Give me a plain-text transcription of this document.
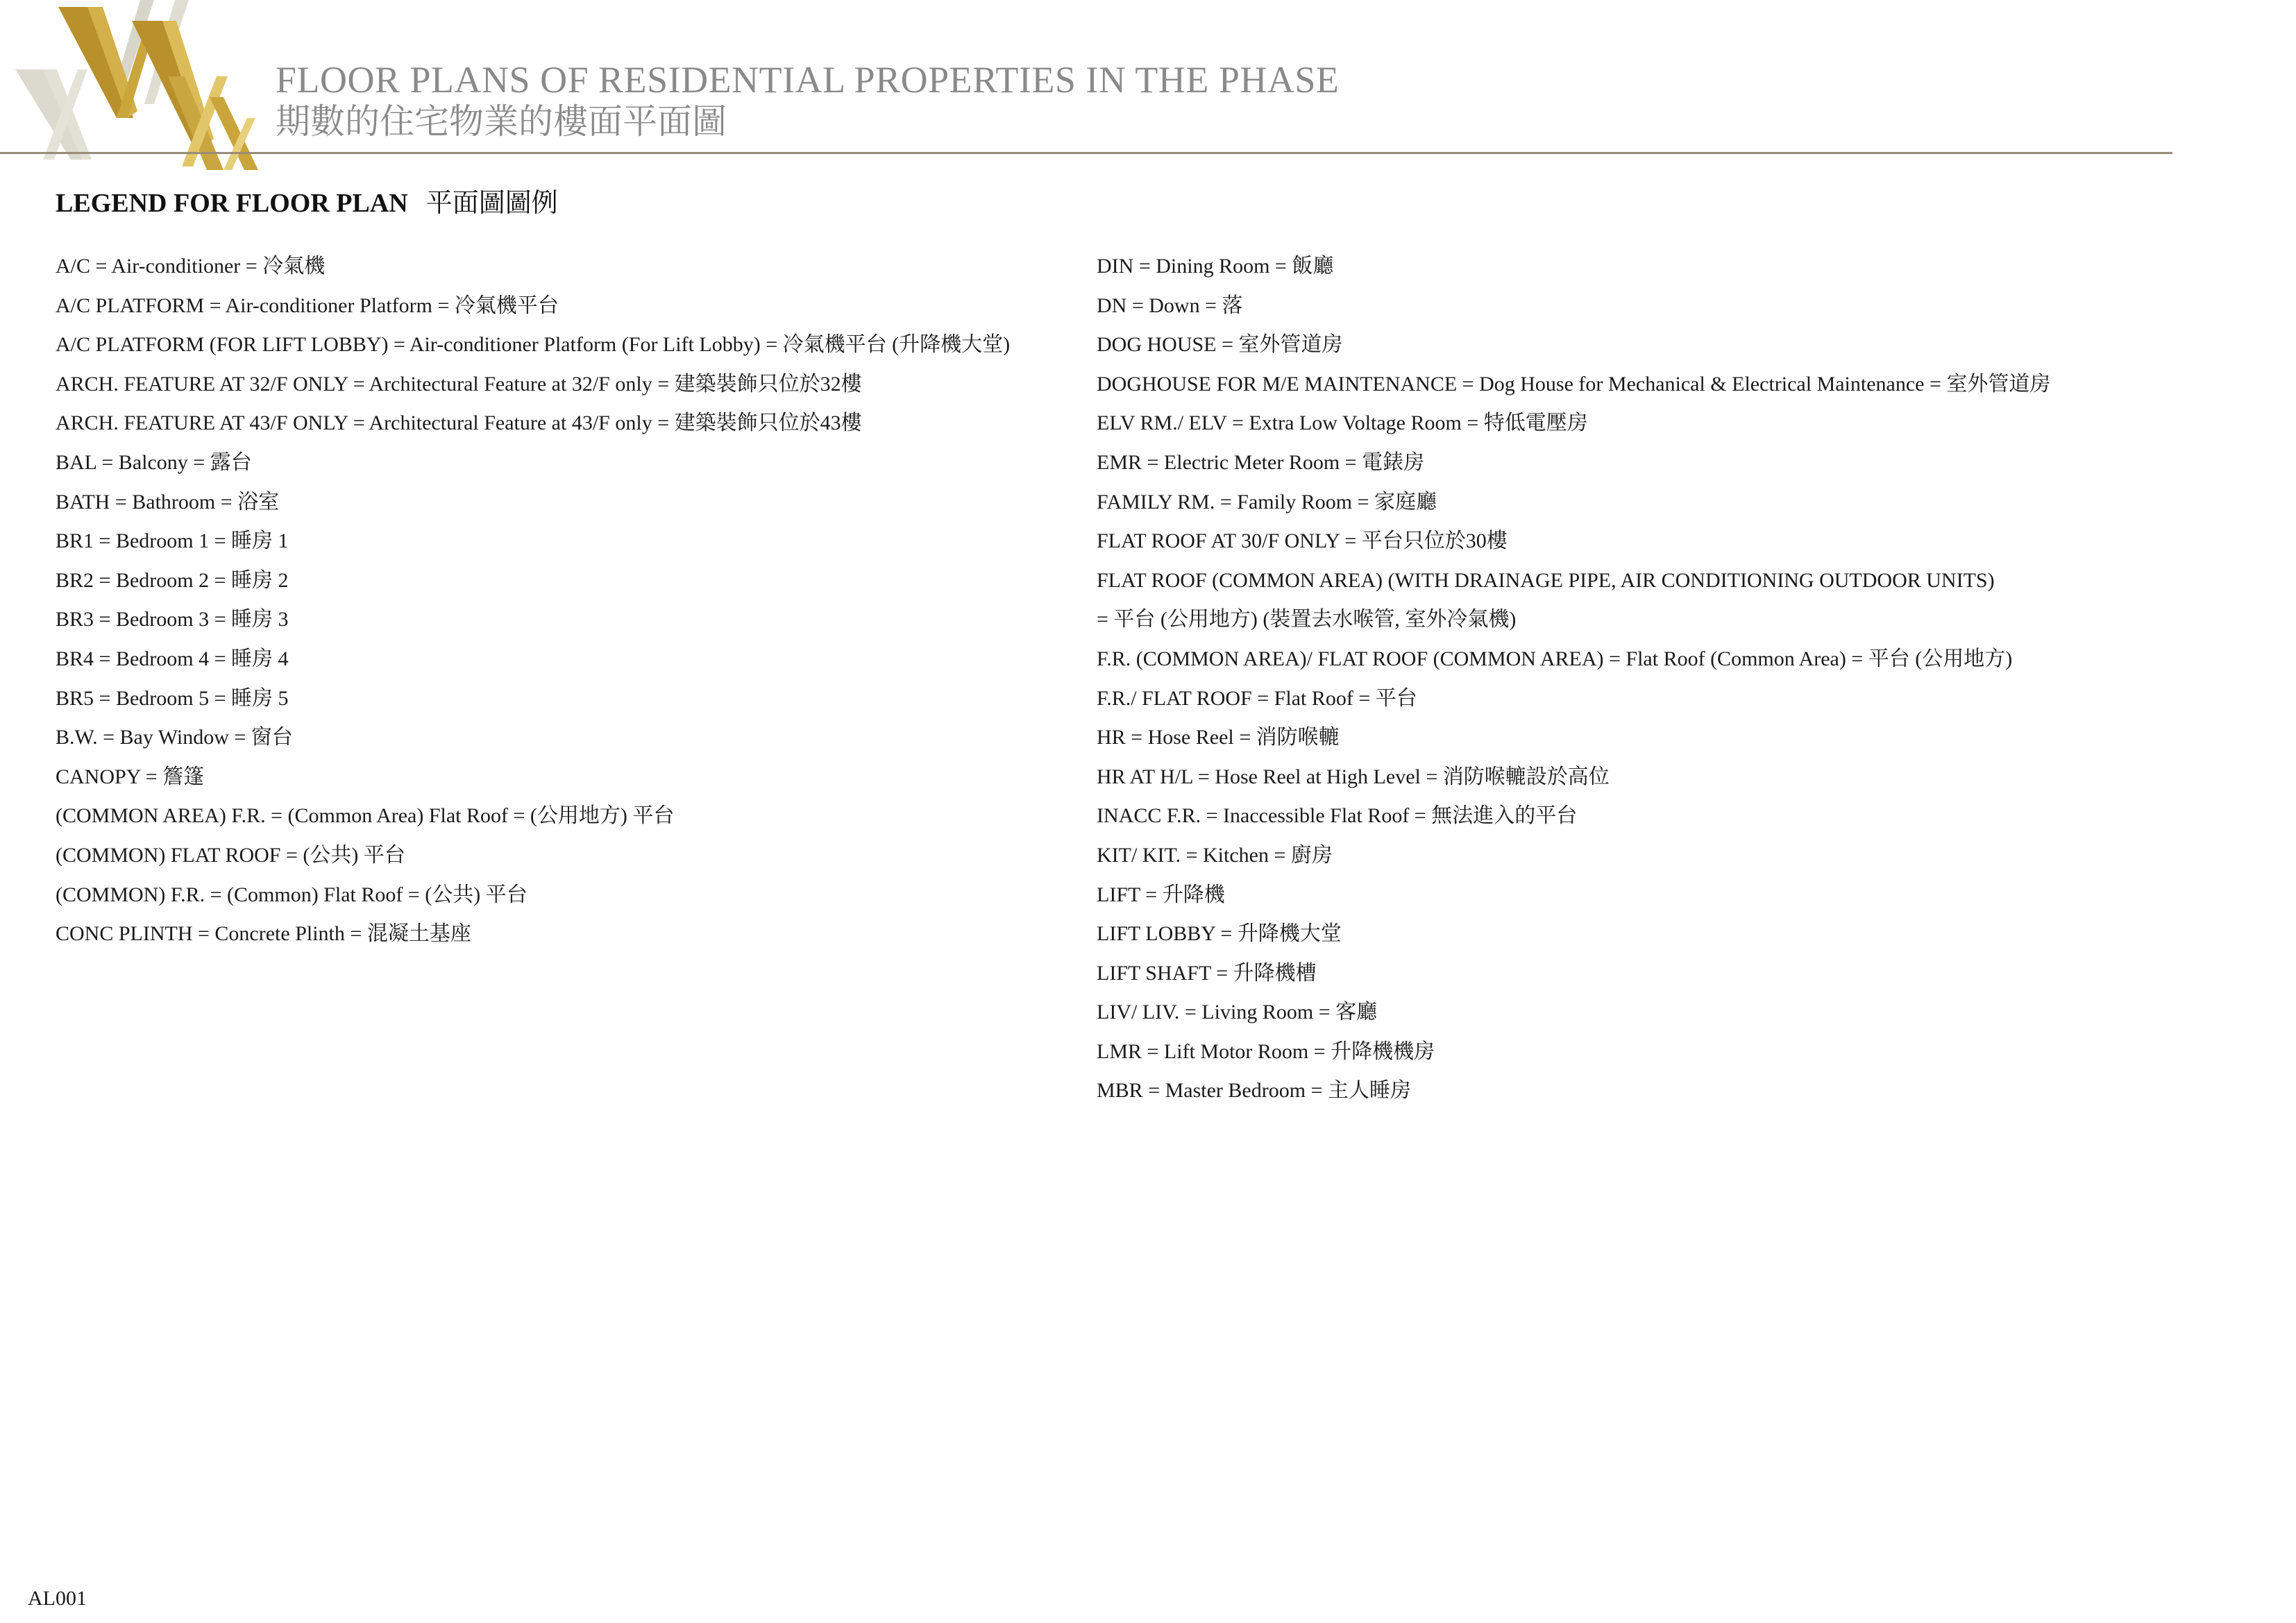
FLOOR PLANS OF RESIDENTIAL PROPERTIES IN THE PHASE
期數的住宅物業的樓面平面圖
LEGEND FOR FLOOR PLAN 平面圖圖例
A/C = Air-conditioner = 冷氣機
A/C PLATFORM = Air-conditioner Platform = 冷氣機平台
A/C PLATFORM (FOR LIFT LOBBY) = Air-conditioner Platform (For Lift Lobby) = 冷氣機平台 (升降機大堂)
ARCH. FEATURE AT 32/F ONLY = Architectural Feature at 32/F only = 建築裝飾只位於32樓
ARCH. FEATURE AT 43/F ONLY = Architectural Feature at 43/F only = 建築裝飾只位於43樓
BAL = Balcony = 露台
BATH = Bathroom = 浴室
BR1 = Bedroom 1 = 睡房 1
BR2 = Bedroom 2 = 睡房 2
BR3 = Bedroom 3 = 睡房 3
BR4 = Bedroom 4 = 睡房 4
BR5 = Bedroom 5 = 睡房 5
B.W. = Bay Window = 窗台
CANOPY = 簷篷
(COMMON AREA) F.R. = (Common Area) Flat Roof = (公用地方) 平台
(COMMON) FLAT ROOF = (公共) 平台
(COMMON) F.R. = (Common) Flat Roof = (公共) 平台
CONC PLINTH = Concrete Plinth = 混凝土基座
DIN = Dining Room = 飯廳
DN = Down = 落
DOG HOUSE = 室外管道房
DOGHOUSE FOR M/E MAINTENANCE = Dog House for Mechanical & Electrical Maintenance = 室外管道房
ELV RM./ ELV = Extra Low Voltage Room = 特低電壓房
EMR = Electric Meter Room = 電錶房
FAMILY RM. = Family Room = 家庭廳
FLAT ROOF AT 30/F ONLY = 平台只位於30樓
FLAT ROOF (COMMON AREA) (WITH DRAINAGE PIPE, AIR CONDITIONING OUTDOOR UNITS)
= 平台 (公用地方) (裝置去水喉管, 室外冷氣機)
F.R. (COMMON AREA)/ FLAT ROOF (COMMON AREA) = Flat Roof (Common Area) = 平台 (公用地方)
F.R./ FLAT ROOF = Flat Roof = 平台
HR = Hose Reel = 消防喉轆
HR AT H/L = Hose Reel at High Level = 消防喉轆設於高位
INACC F.R. = Inaccessible Flat Roof = 無法進入的平台
KIT/ KIT. = Kitchen = 廚房
LIFT = 升降機
LIFT LOBBY = 升降機大堂
LIFT SHAFT = 升降機槽
LIV/ LIV. = Living Room = 客廳
LMR = Lift Motor Room = 升降機機房
MBR = Master Bedroom = 主人睡房
AL001
